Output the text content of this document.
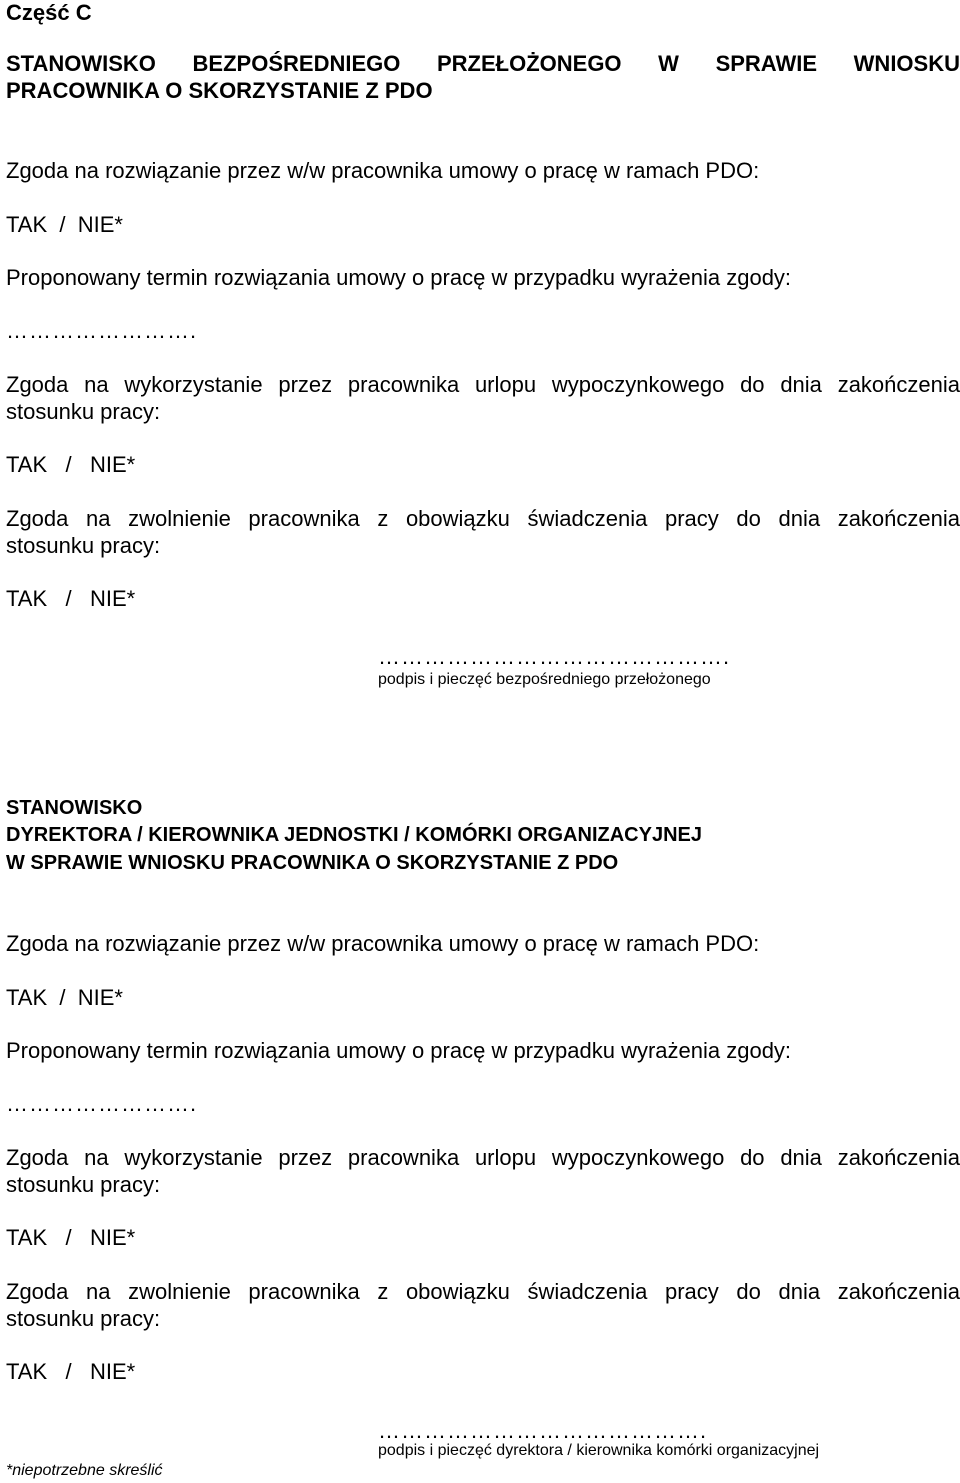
Część C

STANOWISKO BEZPOŚREDNIEGO PRZEŁOŻONEGO W SPRAWIE WNIOSKU

PRACOWNIKA O SKORZYSTANIE Z PDO

Zgoda na rozwiązanie przez w/w pracownika umowy o pracę w ramach PDO:

TAK  /  NIE*

Proponowany termin rozwiązania umowy o pracę w przypadku wyrażenia zgody:

…………………….

Zgoda na wykorzystanie przez pracownika urlopu wypoczynkowego do dnia zakończenia

stosunku pracy:

TAK   /   NIE*

Zgoda na zwolnienie pracownika z obowiązku świadczenia pracy do dnia zakończenia

stosunku pracy:

TAK   /   NIE*

……………………………………….

podpis i pieczęć bezpośredniego przełożonego

STANOWISKO

DYREKTORA / KIEROWNIKA JEDNOSTKI / KOMÓRKI ORGANIZACYJNEJ

W SPRAWIE WNIOSKU PRACOWNIKA O SKORZYSTANIE Z PDO

Zgoda na rozwiązanie przez w/w pracownika umowy o pracę w ramach PDO:

TAK  /  NIE*

Proponowany termin rozwiązania umowy o pracę w przypadku wyrażenia zgody:

…………………….

Zgoda na wykorzystanie przez pracownika urlopu wypoczynkowego do dnia zakończenia

stosunku pracy:

TAK   /   NIE*

Zgoda na zwolnienie pracownika z obowiązku świadczenia pracy do dnia zakończenia

stosunku pracy:

TAK   /   NIE*

…………………………………….

podpis i pieczęć dyrektora / kierownika komórki organizacyjnej

*niepotrzebne skreślić
